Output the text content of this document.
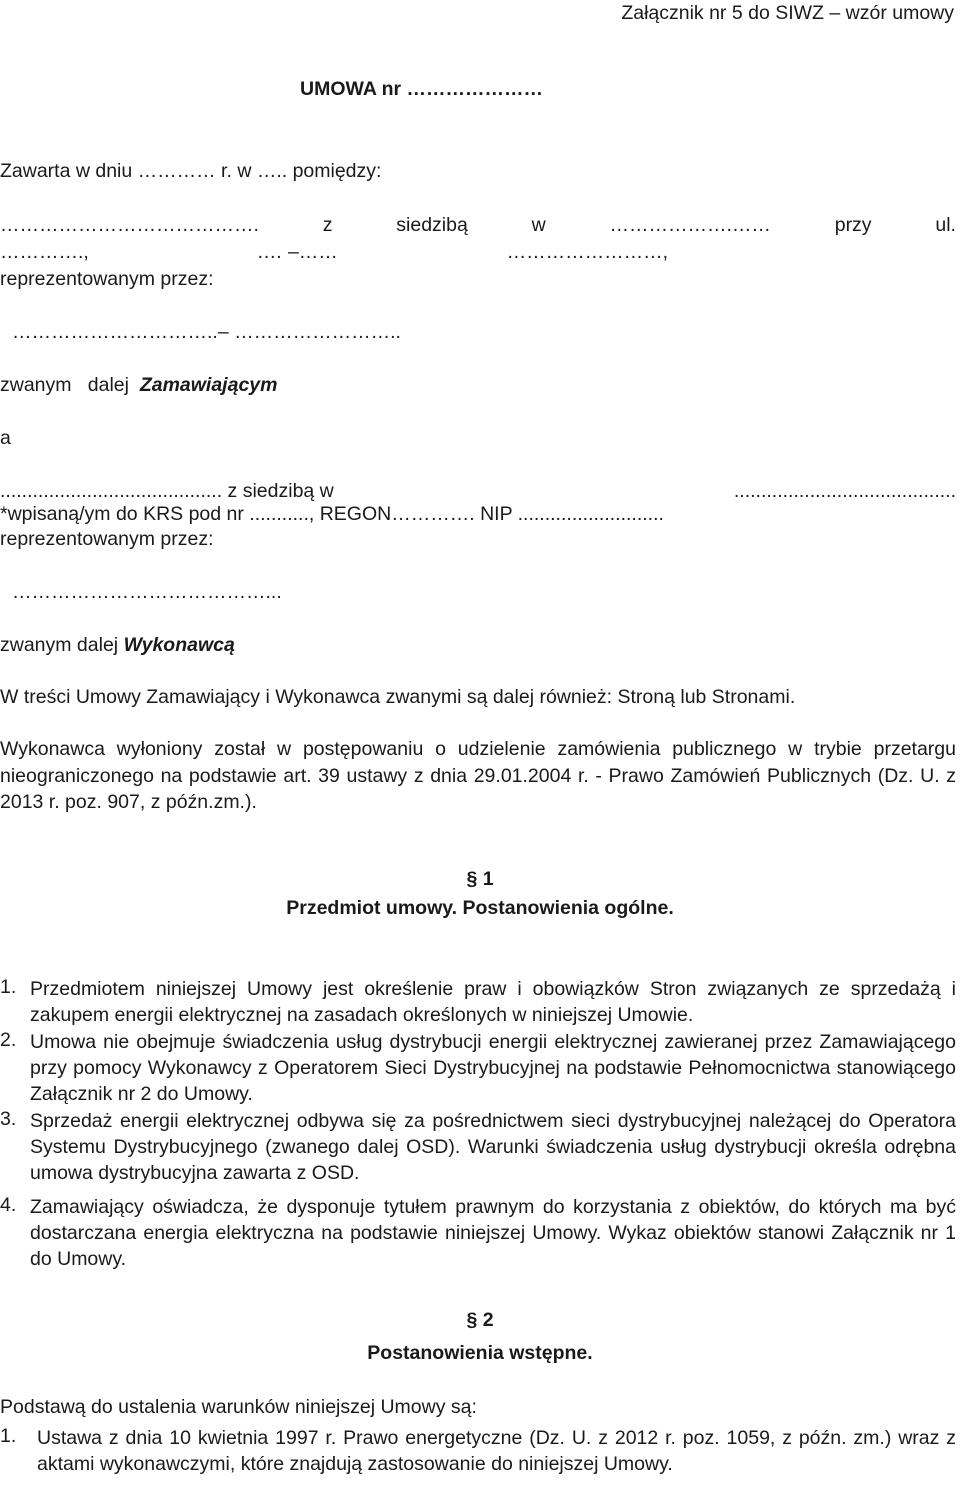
Załącznik nr 5 do SIWZ – wzór umowy
UMOWA nr …………………
Zawarta w dniu ………… r. w ….. pomiędzy:
………………………………….	z	siedzibą	w	……………….……	przy	ul.
………….,	.… –……	……………………,
reprezentowanym przez:
…………………………..– ……………………..
zwanym   dalej Zamawiającym
a
......................................... z siedzibą w	.........................................
*wpisaną/ym do KRS pod nr ..........., REGON…………. NIP ...........................
reprezentowanym przez:
…………………………………...
zwanym dalej Wykonawcą
W treści Umowy Zamawiający i Wykonawca zwanymi są dalej również: Stroną lub Stronami.
Wykonawca wyłoniony został w postępowaniu o udzielenie zamówienia publicznego w trybie przetargu nieograniczonego na podstawie art. 39 ustawy z dnia 29.01.2004 r. - Prawo Zamówień Publicznych (Dz. U. z 2013 r. poz. 907, z późn.zm.).
§ 1
Przedmiot umowy. Postanowienia ogólne.
1. Przedmiotem niniejszej Umowy jest określenie praw i obowiązków Stron związanych ze sprzedażą i zakupem energii elektrycznej na zasadach określonych w niniejszej Umowie.
2. Umowa nie obejmuje świadczenia usług dystrybucji energii elektrycznej zawieranej przez Zamawiającego przy pomocy Wykonawcy z Operatorem Sieci Dystrybucyjnej na podstawie Pełnomocnictwa stanowiącego Załącznik nr 2 do Umowy.
3. Sprzedaż energii elektrycznej odbywa się za pośrednictwem sieci dystrybucyjnej należącej do Operatora Systemu Dystrybucyjnego (zwanego dalej OSD). Warunki świadczenia usług dystrybucji określa odrębna umowa dystrybucyjna zawarta z OSD.
4. Zamawiający oświadcza, że dysponuje tytułem prawnym do korzystania z obiektów, do których ma być dostarczana energia elektryczna na podstawie niniejszej Umowy. Wykaz obiektów stanowi Załącznik nr 1 do Umowy.
§ 2
Postanowienia wstępne.
Podstawą do ustalenia warunków niniejszej Umowy są:
1. Ustawa z dnia 10 kwietnia 1997 r. Prawo energetyczne (Dz. U. z 2012 r. poz. 1059, z późn. zm.) wraz z aktami wykonawczymi, które znajdują zastosowanie do niniejszej Umowy.
